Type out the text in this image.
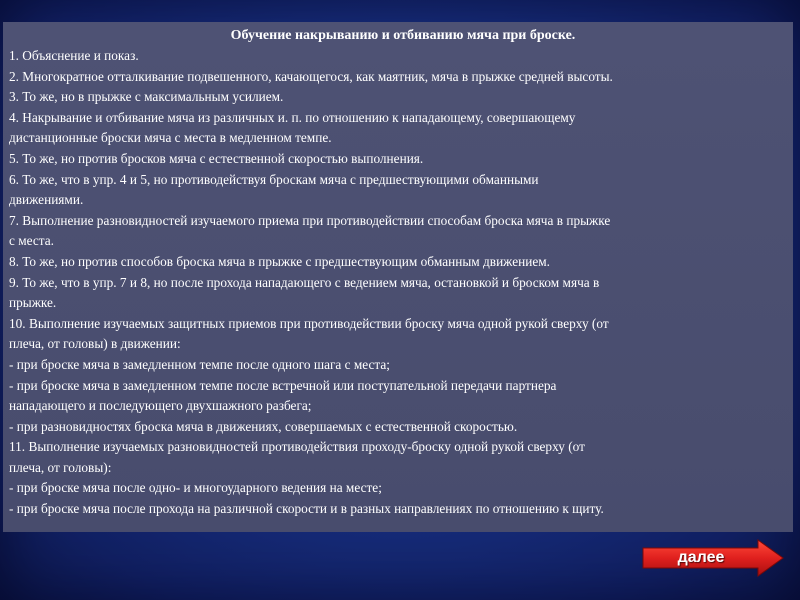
Обучение накрыванию и отбиванию мяча при броске.
1. Объяснение и показ.
2. Многократное отталкивание подвешенного, качающегося, как маятник, мяча в прыжке средней высоты.
3. То же, но в прыжке с максимальным усилием.
4. Накрывание и отбивание мяча из различных и. п. по отношению к нападающему, совершающему
дистанционные броски мяча с места в медленном темпе.
5. То же, но против бросков мяча с естественной скоростью выполнения.
6. То же, что в упр. 4 и 5, но противодействуя броскам мяча с предшествующими обманными
движениями.
7. Выполнение разновидностей изучаемого приема при противодействии способам броска мяча в прыжке
с места.
8. То же, но против способов броска мяча в прыжке с предшествующим обманным движением.
9. То же, что в упр. 7 и 8, но после прохода нападающего с ведением мяча, остановкой и броском мяча в
прыжке.
10. Выполнение изучаемых защитных приемов при противодействии броску мяча одной рукой сверху (от
плеча, от головы) в движении:
- при броске мяча в замедленном темпе после одного шага с места;
- при броске мяча в замедленном темпе после встречной или поступательной передачи партнера
нападающего и последующего двухшажного разбега;
- при разновидностях броска мяча в движениях, совершаемых с естественной скоростью.
11. Выполнение изучаемых разновидностей противодействия проходу-броску одной рукой сверху (от
плеча, от головы):
- при броске мяча после одно- и многоударного ведения на месте;
- при броске мяча после прохода на различной скорости и в разных направлениях по отношению к щиту.
далее
